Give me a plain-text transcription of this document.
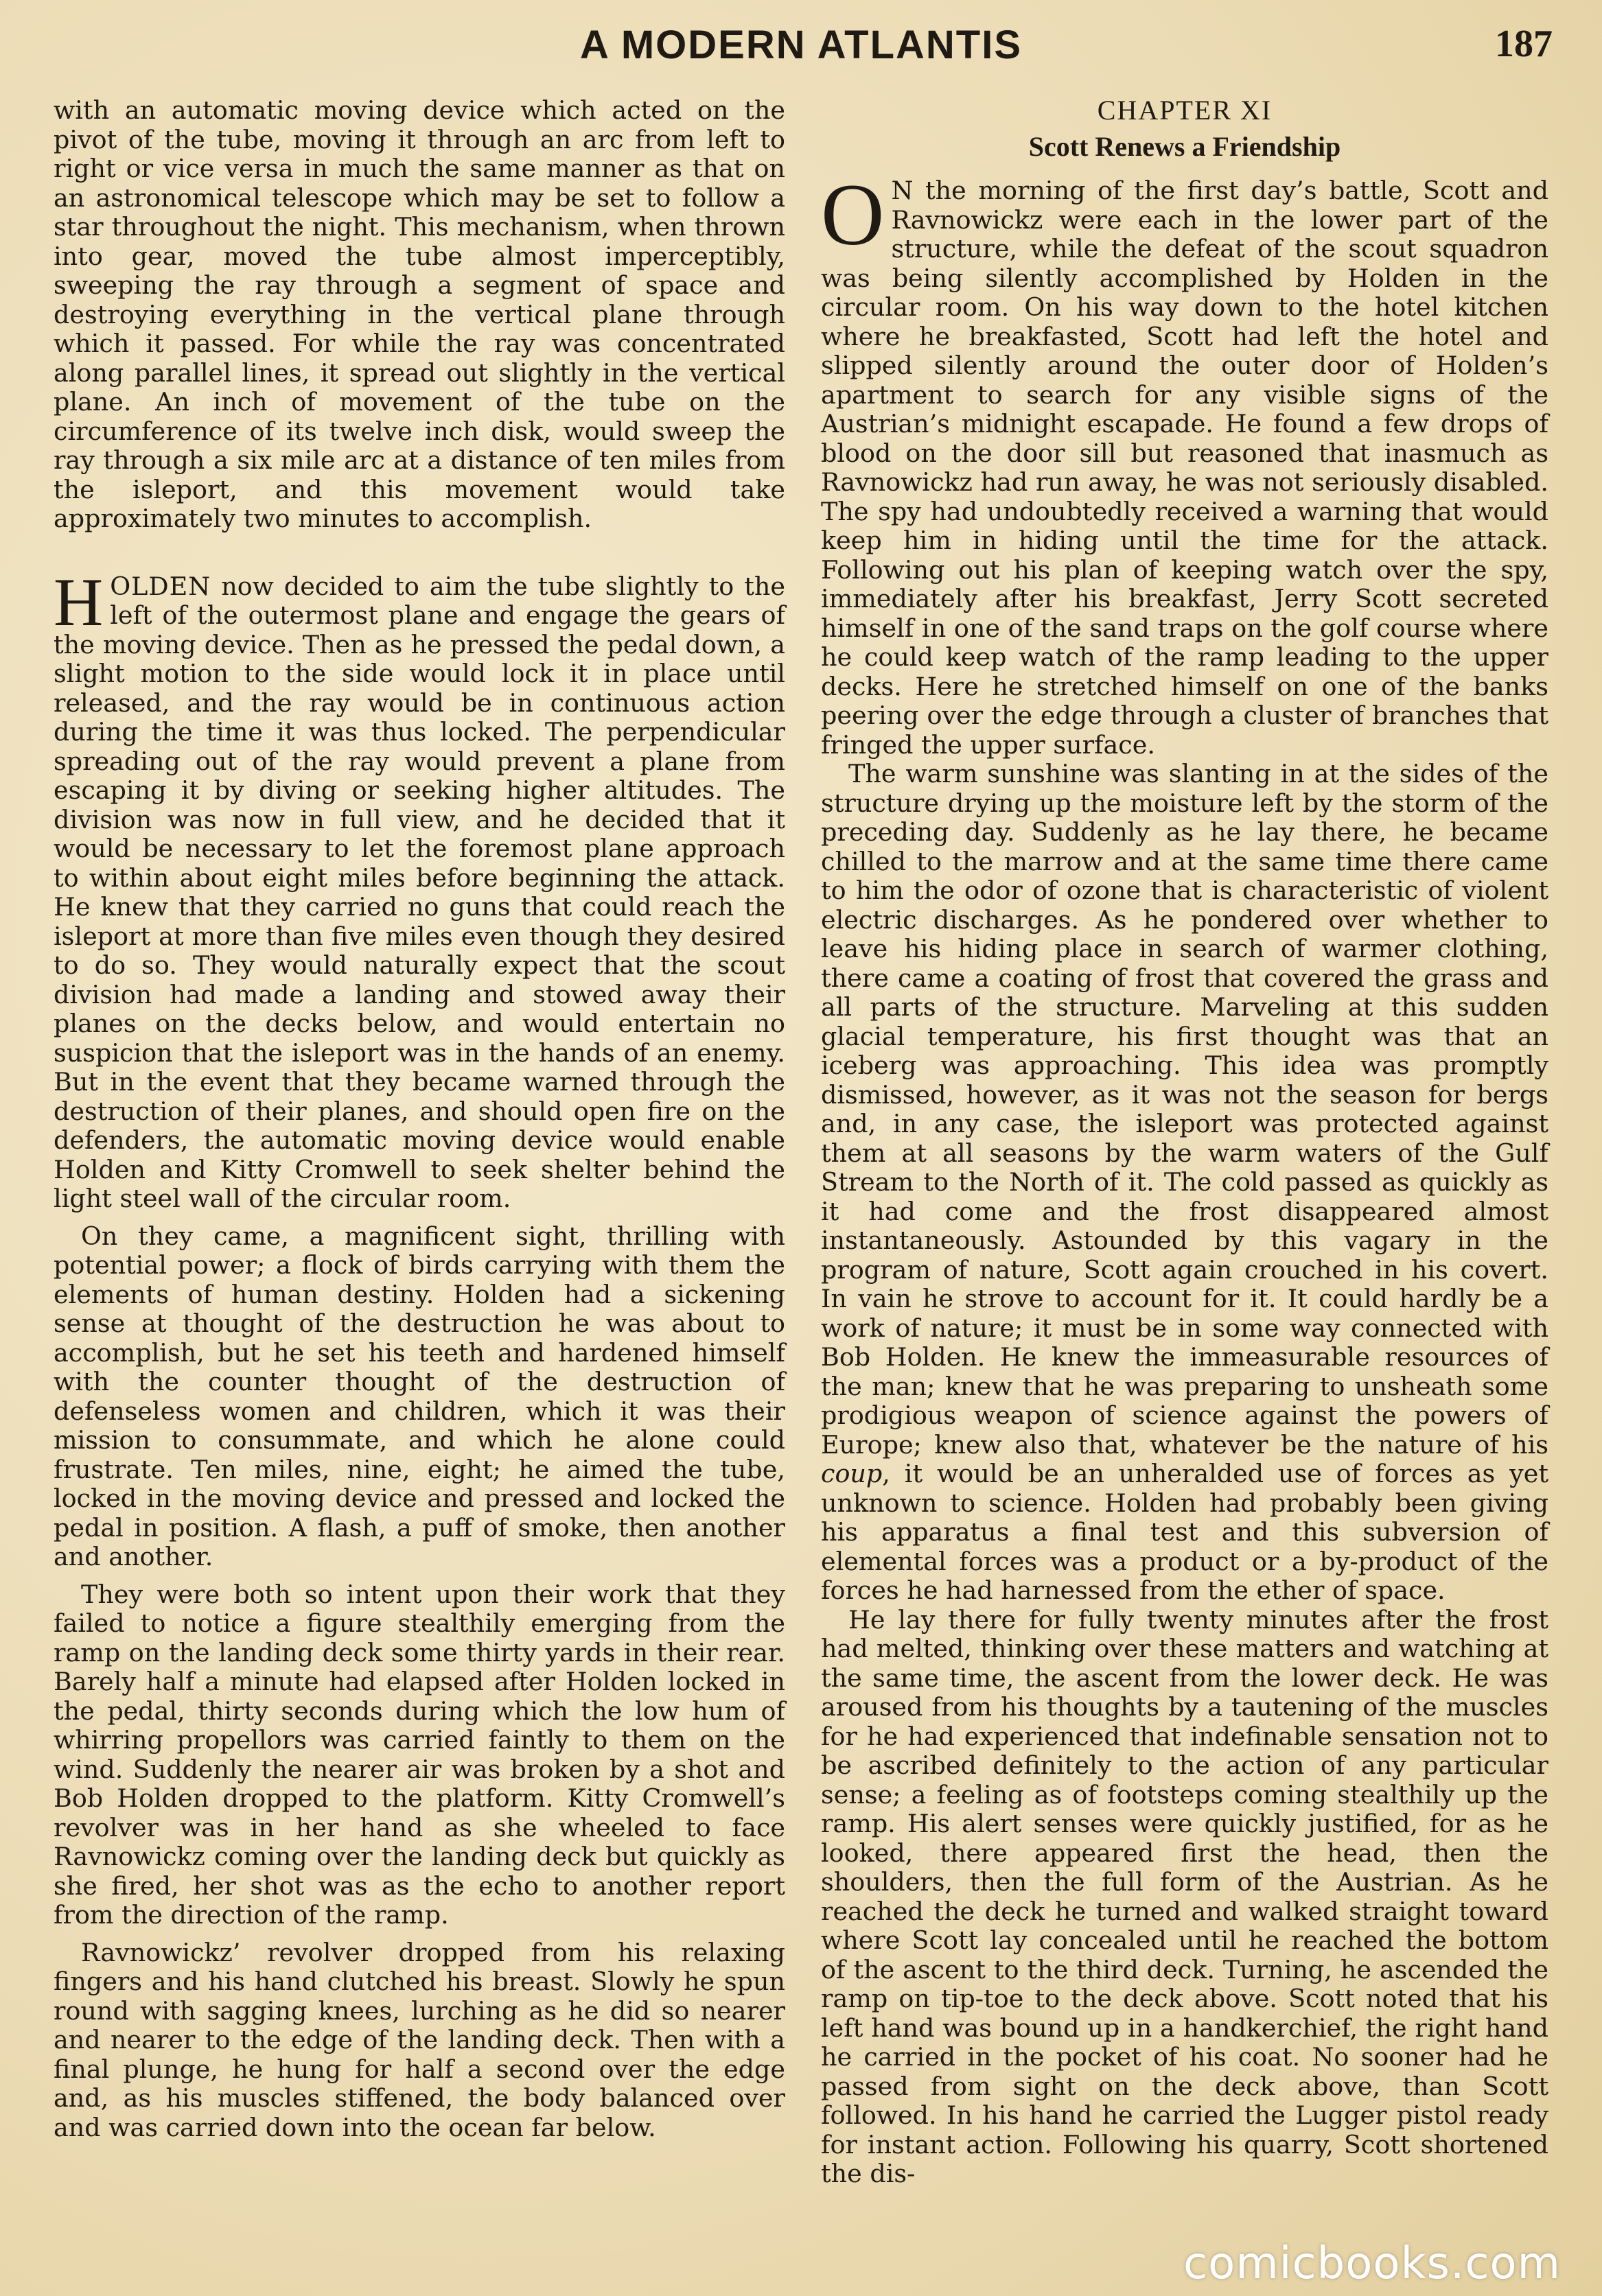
A MODERN ATLANTIS	187

with an automatic moving device which acted on the pivot of the tube, moving it through an arc from left to right or vice versa in much the same manner as that on an astronomical telescope which may be set to follow a star throughout the night. This mechanism, when thrown into gear, moved the tube almost imperceptibly, sweeping the ray through a segment of space and destroying everything in the vertical plane through which it passed. For while the ray was concentrated along parallel lines, it spread out slightly in the vertical plane. An inch of movement of the tube on the circumference of its twelve inch disk, would sweep the ray through a six mile arc at a distance of ten miles from the isleport, and this movement would take approximately two minutes to accomplish.

HOLDEN now decided to aim the tube slightly to the left of the outermost plane and engage the gears of the moving device. Then as he pressed the pedal down, a slight motion to the side would lock it in place until released, and the ray would be in continuous action during the time it was thus locked. The perpendicular spreading out of the ray would prevent a plane from escaping it by diving or seeking higher altitudes. The division was now in full view, and he decided that it would be necessary to let the foremost plane approach to within about eight miles before beginning the attack. He knew that they carried no guns that could reach the isleport at more than five miles even though they desired to do so. They would naturally expect that the scout division had made a landing and stowed away their planes on the decks below, and would entertain no suspicion that the isleport was in the hands of an enemy. But in the event that they became warned through the destruction of their planes, and should open fire on the defenders, the automatic moving device would enable Holden and Kitty Cromwell to seek shelter behind the light steel wall of the circular room.

On they came, a magnificent sight, thrilling with potential power; a flock of birds carrying with them the elements of human destiny. Holden had a sickening sense at thought of the destruction he was about to accomplish, but he set his teeth and hardened himself with the counter thought of the destruction of defenseless women and children, which it was their mission to consummate, and which he alone could frustrate. Ten miles, nine, eight; he aimed the tube, locked in the moving device and pressed and locked the pedal in position. A flash, a puff of smoke, then another and another.

They were both so intent upon their work that they failed to notice a figure stealthily emerging from the ramp on the landing deck some thirty yards in their rear. Barely half a minute had elapsed after Holden locked in the pedal, thirty seconds during which the low hum of whirring propellors was carried faintly to them on the wind. Suddenly the nearer air was broken by a shot and Bob Holden dropped to the platform. Kitty Cromwell’s revolver was in her hand as she wheeled to face Ravnowickz coming over the landing deck but quickly as she fired, her shot was as the echo to another report from the direction of the ramp.

Ravnowickz’ revolver dropped from his relaxing fingers and his hand clutched his breast. Slowly he spun round with sagging knees, lurching as he did so nearer and nearer to the edge of the landing deck. Then with a final plunge, he hung for half a second over the edge and, as his muscles stiffened, the body balanced over and was carried down into the ocean far below.

CHAPTER XI
Scott Renews a Friendship

O N the morning of the first day’s battle, Scott and Ravnowickz were each in the lower part of the structure, while the defeat of the scout squadron was being silently accomplished by Holden in the circular room. On his way down to the hotel kitchen where he breakfasted, Scott had left the hotel and slipped silently around the outer door of Holden’s apartment to search for any visible signs of the Austrian’s midnight escapade. He found a few drops of blood on the door sill but reasoned that inasmuch as Ravnowickz had run away, he was not seriously disabled. The spy had undoubtedly received a warning that would keep him in hiding until the time for the attack. Following out his plan of keeping watch over the spy, immediately after his breakfast, Jerry Scott secreted himself in one of the sand traps on the golf course where he could keep watch of the ramp leading to the upper decks. Here he stretched himself on one of the banks peering over the edge through a cluster of branches that fringed the upper surface.

The warm sunshine was slanting in at the sides of the structure drying up the moisture left by the storm of the preceding day. Suddenly as he lay there, he became chilled to the marrow and at the same time there came to him the odor of ozone that is characteristic of violent electric discharges. As he pondered over whether to leave his hiding place in search of warmer clothing, there came a coating of frost that covered the grass and all parts of the structure. Marveling at this sudden glacial temperature, his first thought was that an iceberg was approaching. This idea was promptly dismissed, however, as it was not the season for bergs and, in any case, the isleport was protected against them at all seasons by the warm waters of the Gulf Stream to the North of it. The cold passed as quickly as it had come and the frost disappeared almost instantaneously. Astounded by this vagary in the program of nature, Scott again crouched in his covert. In vain he strove to account for it. It could hardly be a work of nature; it must be in some way connected with Bob Holden. He knew the immeasurable resources of the man; knew that he was preparing to unsheath some prodigious weapon of science against the powers of Europe; knew also that, whatever be the nature of his coup, it would be an unheralded use of forces as yet unknown to science. Holden had probably been giving his apparatus a final test and this subversion of elemental forces was a product or a by-product of the forces he had harnessed from the ether of space.

He lay there for fully twenty minutes after the frost had melted, thinking over these matters and watching at the same time, the ascent from the lower deck. He was aroused from his thoughts by a tautening of the muscles for he had experienced that indefinable sensation not to be ascribed definitely to the action of any particular sense; a feeling as of footsteps coming stealthily up the ramp. His alert senses were quickly justified, for as he looked, there appeared first the head, then the shoulders, then the full form of the Austrian. As he reached the deck he turned and walked straight toward where Scott lay concealed until he reached the bottom of the ascent to the third deck. Turning, he ascended the ramp on tip-toe to the deck above. Scott noted that his left hand was bound up in a handkerchief, the right hand he carried in the pocket of his coat. No sooner had he passed from sight on the deck above, than Scott followed. In his hand he carried the Lugger pistol ready for instant action. Following his quarry, Scott shortened the dis-

comicbooks.com
